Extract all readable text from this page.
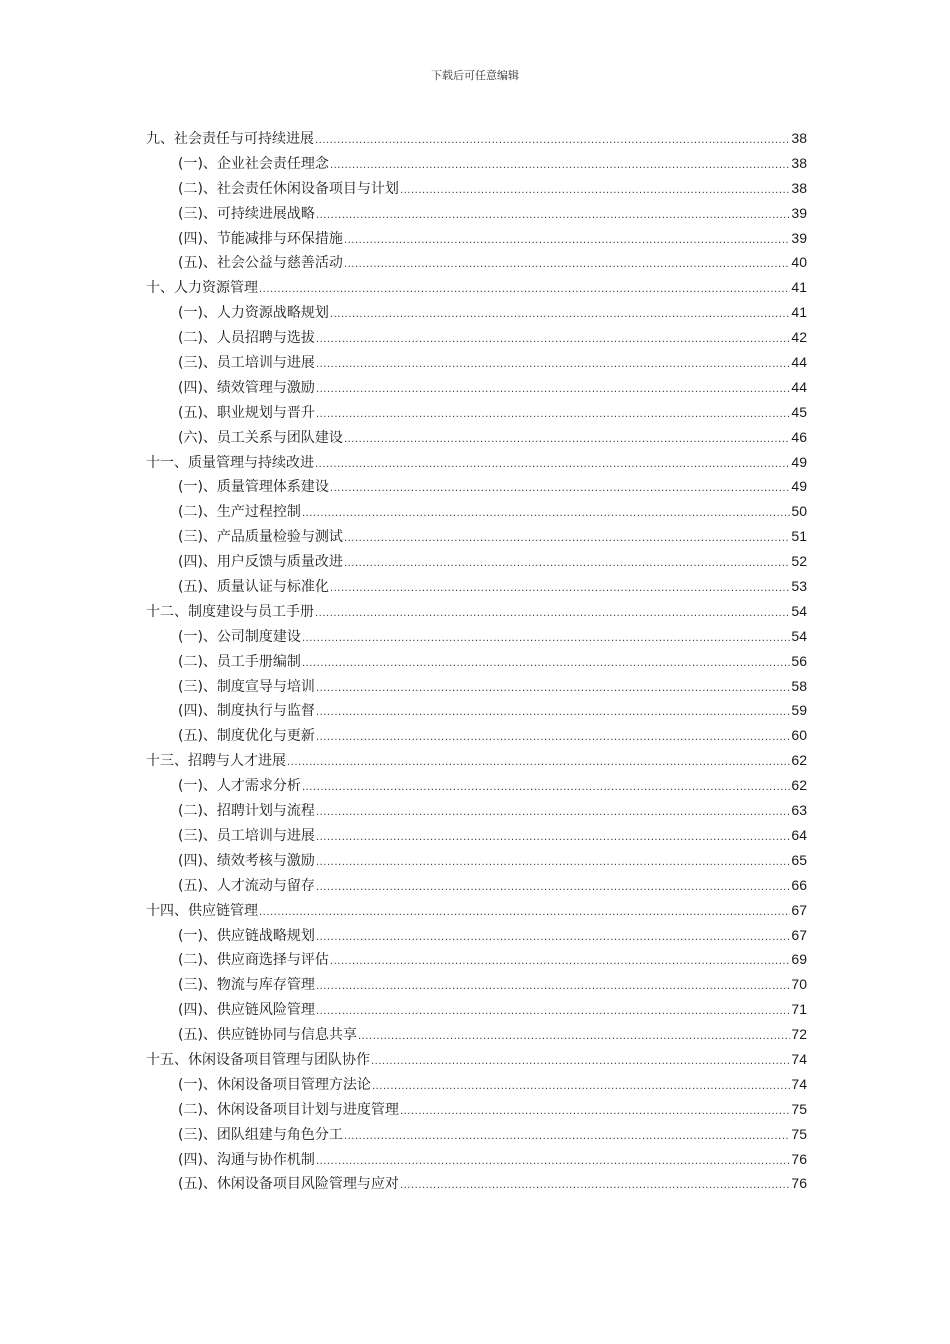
下载后可任意编辑
九、社会责任与可持续进展 .....	38
(一)、企业社会责任理念 .....	38
(二)、社会责任休闲设备项目与计划 .....	38
(三)、可持续进展战略 .....	39
(四)、节能减排与环保措施 .....	39
(五)、社会公益与慈善活动 .....	40
十、人力资源管理 .....	41
(一)、人力资源战略规划 .....	41
(二)、人员招聘与选拔 .....	42
(三)、员工培训与进展 .....	44
(四)、绩效管理与激励 .....	44
(五)、职业规划与晋升 .....	45
(六)、员工关系与团队建设 .....	46
十一、质量管理与持续改进 .....	49
(一)、质量管理体系建设 .....	49
(二)、生产过程控制 .....	50
(三)、产品质量检验与测试 .....	51
(四)、用户反馈与质量改进 .....	52
(五)、质量认证与标准化 .....	53
十二、制度建设与员工手册 .....	54
(一)、公司制度建设 .....	54
(二)、员工手册编制 .....	56
(三)、制度宣导与培训 .....	58
(四)、制度执行与监督 .....	59
(五)、制度优化与更新 .....	60
十三、招聘与人才进展 .....	62
(一)、人才需求分析 .....	62
(二)、招聘计划与流程 .....	63
(三)、员工培训与进展 .....	64
(四)、绩效考核与激励 .....	65
(五)、人才流动与留存 .....	66
十四、供应链管理 .....	67
(一)、供应链战略规划 .....	67
(二)、供应商选择与评估 .....	69
(三)、物流与库存管理 .....	70
(四)、供应链风险管理 .....	71
(五)、供应链协同与信息共享 .....	72
十五、休闲设备项目管理与团队协作 .....	74
(一)、休闲设备项目管理方法论 .....	74
(二)、休闲设备项目计划与进度管理 .....	75
(三)、团队组建与角色分工 .....	75
(四)、沟通与协作机制 .....	76
(五)、休闲设备项目风险管理与应对 .....	76
